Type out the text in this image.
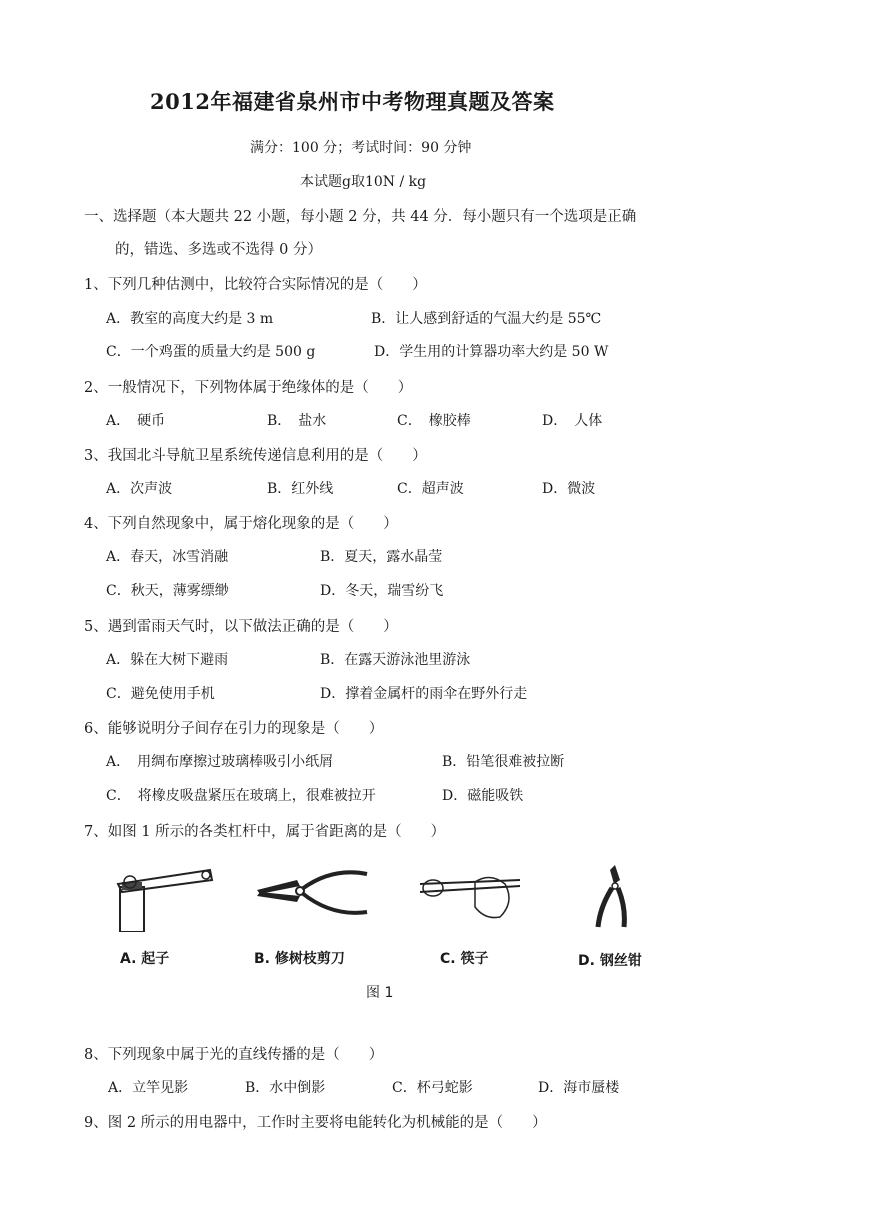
2012年福建省泉州市中考物理真题及答案
满分：100 分；考试时间：90 分钟
本试题g取10N / kg
一、选择题（本大题共 22 小题，每小题 2 分，共 44 分．每小题只有一个选项是正确
的，错选、多选或不选得 0 分）
1、下列几种估测中，比较符合实际情况的是（　　）
A．教室的高度大约是 3 m	B．让人感到舒适的气温大约是 55℃
C．一个鸡蛋的质量大约是 500 g	D．学生用的计算器功率大约是 50 W
2、一般情况下，下列物体属于绝缘体的是（　　）
A．　硬币	B．　盐水	C．　橡胶棒	D．　人体
3、我国北斗导航卫星系统传递信息利用的是（　　）
A．次声波	B．红外线	C．超声波	D．微波
4、下列自然现象中，属于熔化现象的是（　　）
A．春天，冰雪消融	B．夏天，露水晶莹
C．秋天，薄雾缥缈	D．冬天，瑞雪纷飞
5、遇到雷雨天气时，以下做法正确的是（　　）
A．躲在大树下避雨	B．在露天游泳池里游泳
C．避免使用手机	D．撑着金属杆的雨伞在野外行走
6、能够说明分子间存在引力的现象是（　　）
A．　用绸布摩擦过玻璃棒吸引小纸屑	B．铅笔很难被拉断
C．　将橡皮吸盘紧压在玻璃上，很难被拉开	D．磁能吸铁
7、如图 1 所示的各类杠杆中，属于省距离的是（　　）
A. 起子	B. 修树枝剪刀	C. 筷子	D. 钢丝钳
图 1
8、下列现象中属于光的直线传播的是（　　）
A．立竿见影	B．水中倒影	C．杯弓蛇影	D．海市蜃楼
9、图 2 所示的用电器中，工作时主要将电能转化为机械能的是（　　）
